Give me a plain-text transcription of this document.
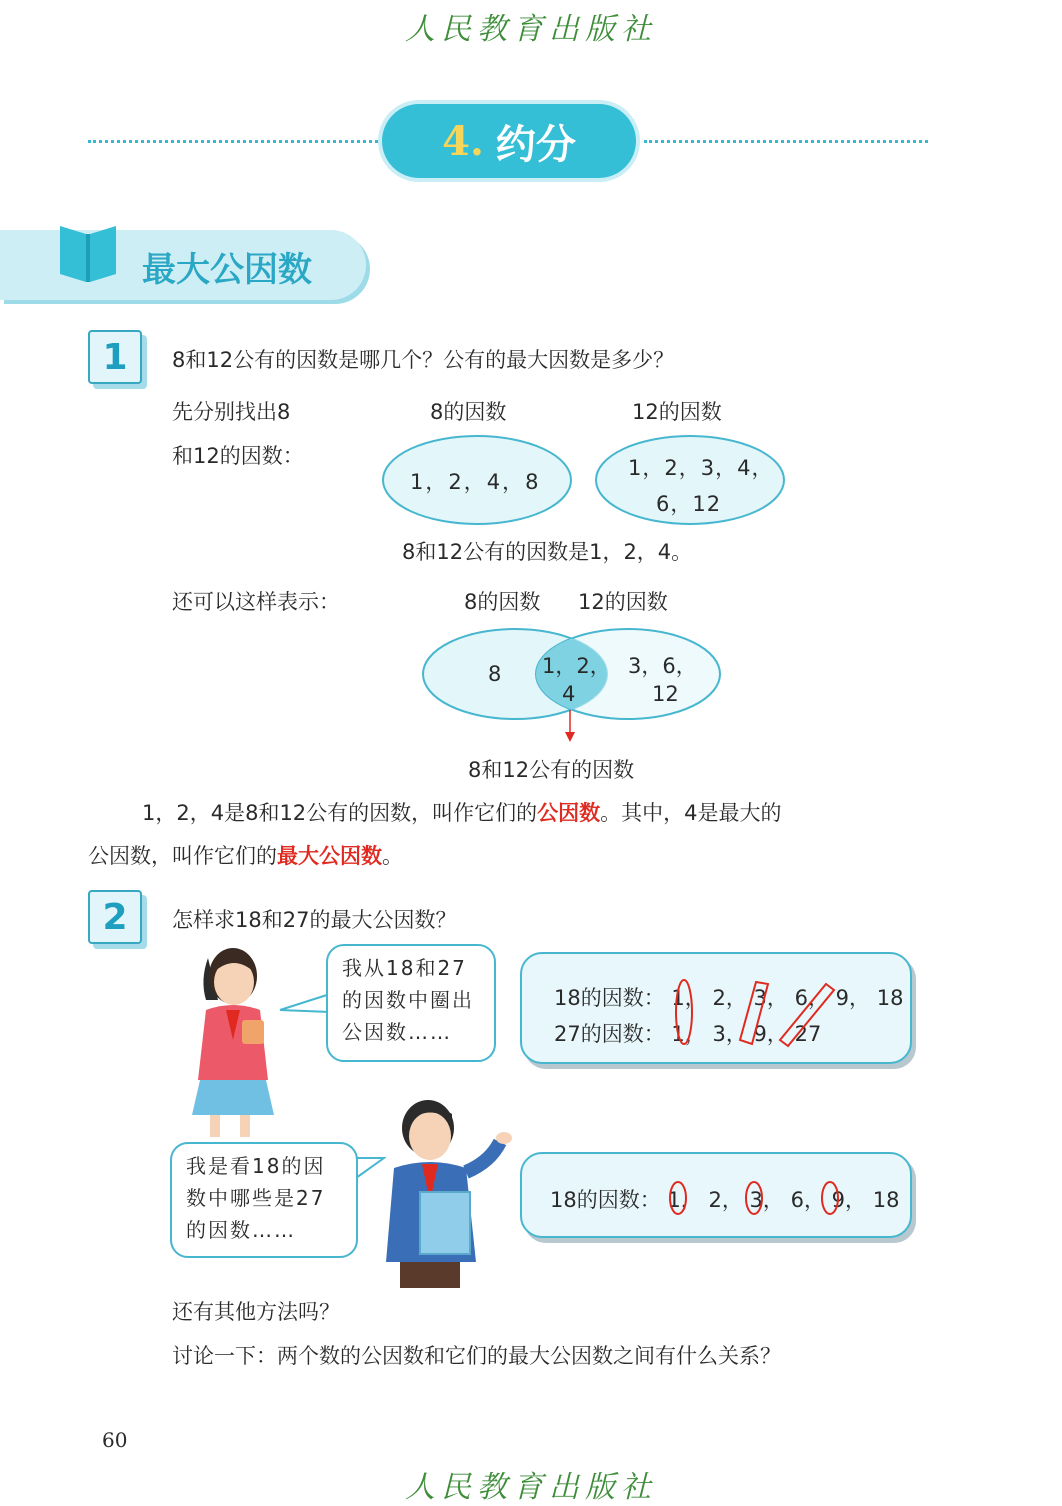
人民教育出版社
4. 约分
最大公因数
1	8和12公有的因数是哪几个？公有的最大因数是多少？
先分别找出8
和12的因数：
8的因数	12的因数
1，2，4，8
1，2，3，4，
6，12
8和12公有的因数是1，2，4。
还可以这样表示：	8的因数 12的因数
8 1，2，
4
3，6，
12
8和12公有的因数
1，2，4是8和12公有的因数，叫作它们的公因数。其中，4是最大的
公因数，叫作它们的最大公因数。
2	怎样求18和27的最大公因数？
我从18和27
的因数中圈出
公因数……
18的因数： 1， 2， 3， 6， 9， 18
27的因数： 1， 3， 9， 27
我是看18的因
数中哪些是27
的因数……
18的因数： 1， 2， 3， 6， 9， 18
还有其他方法吗？
讨论一下：两个数的公因数和它们的最大公因数之间有什么关系？
60
人民教育出版社
